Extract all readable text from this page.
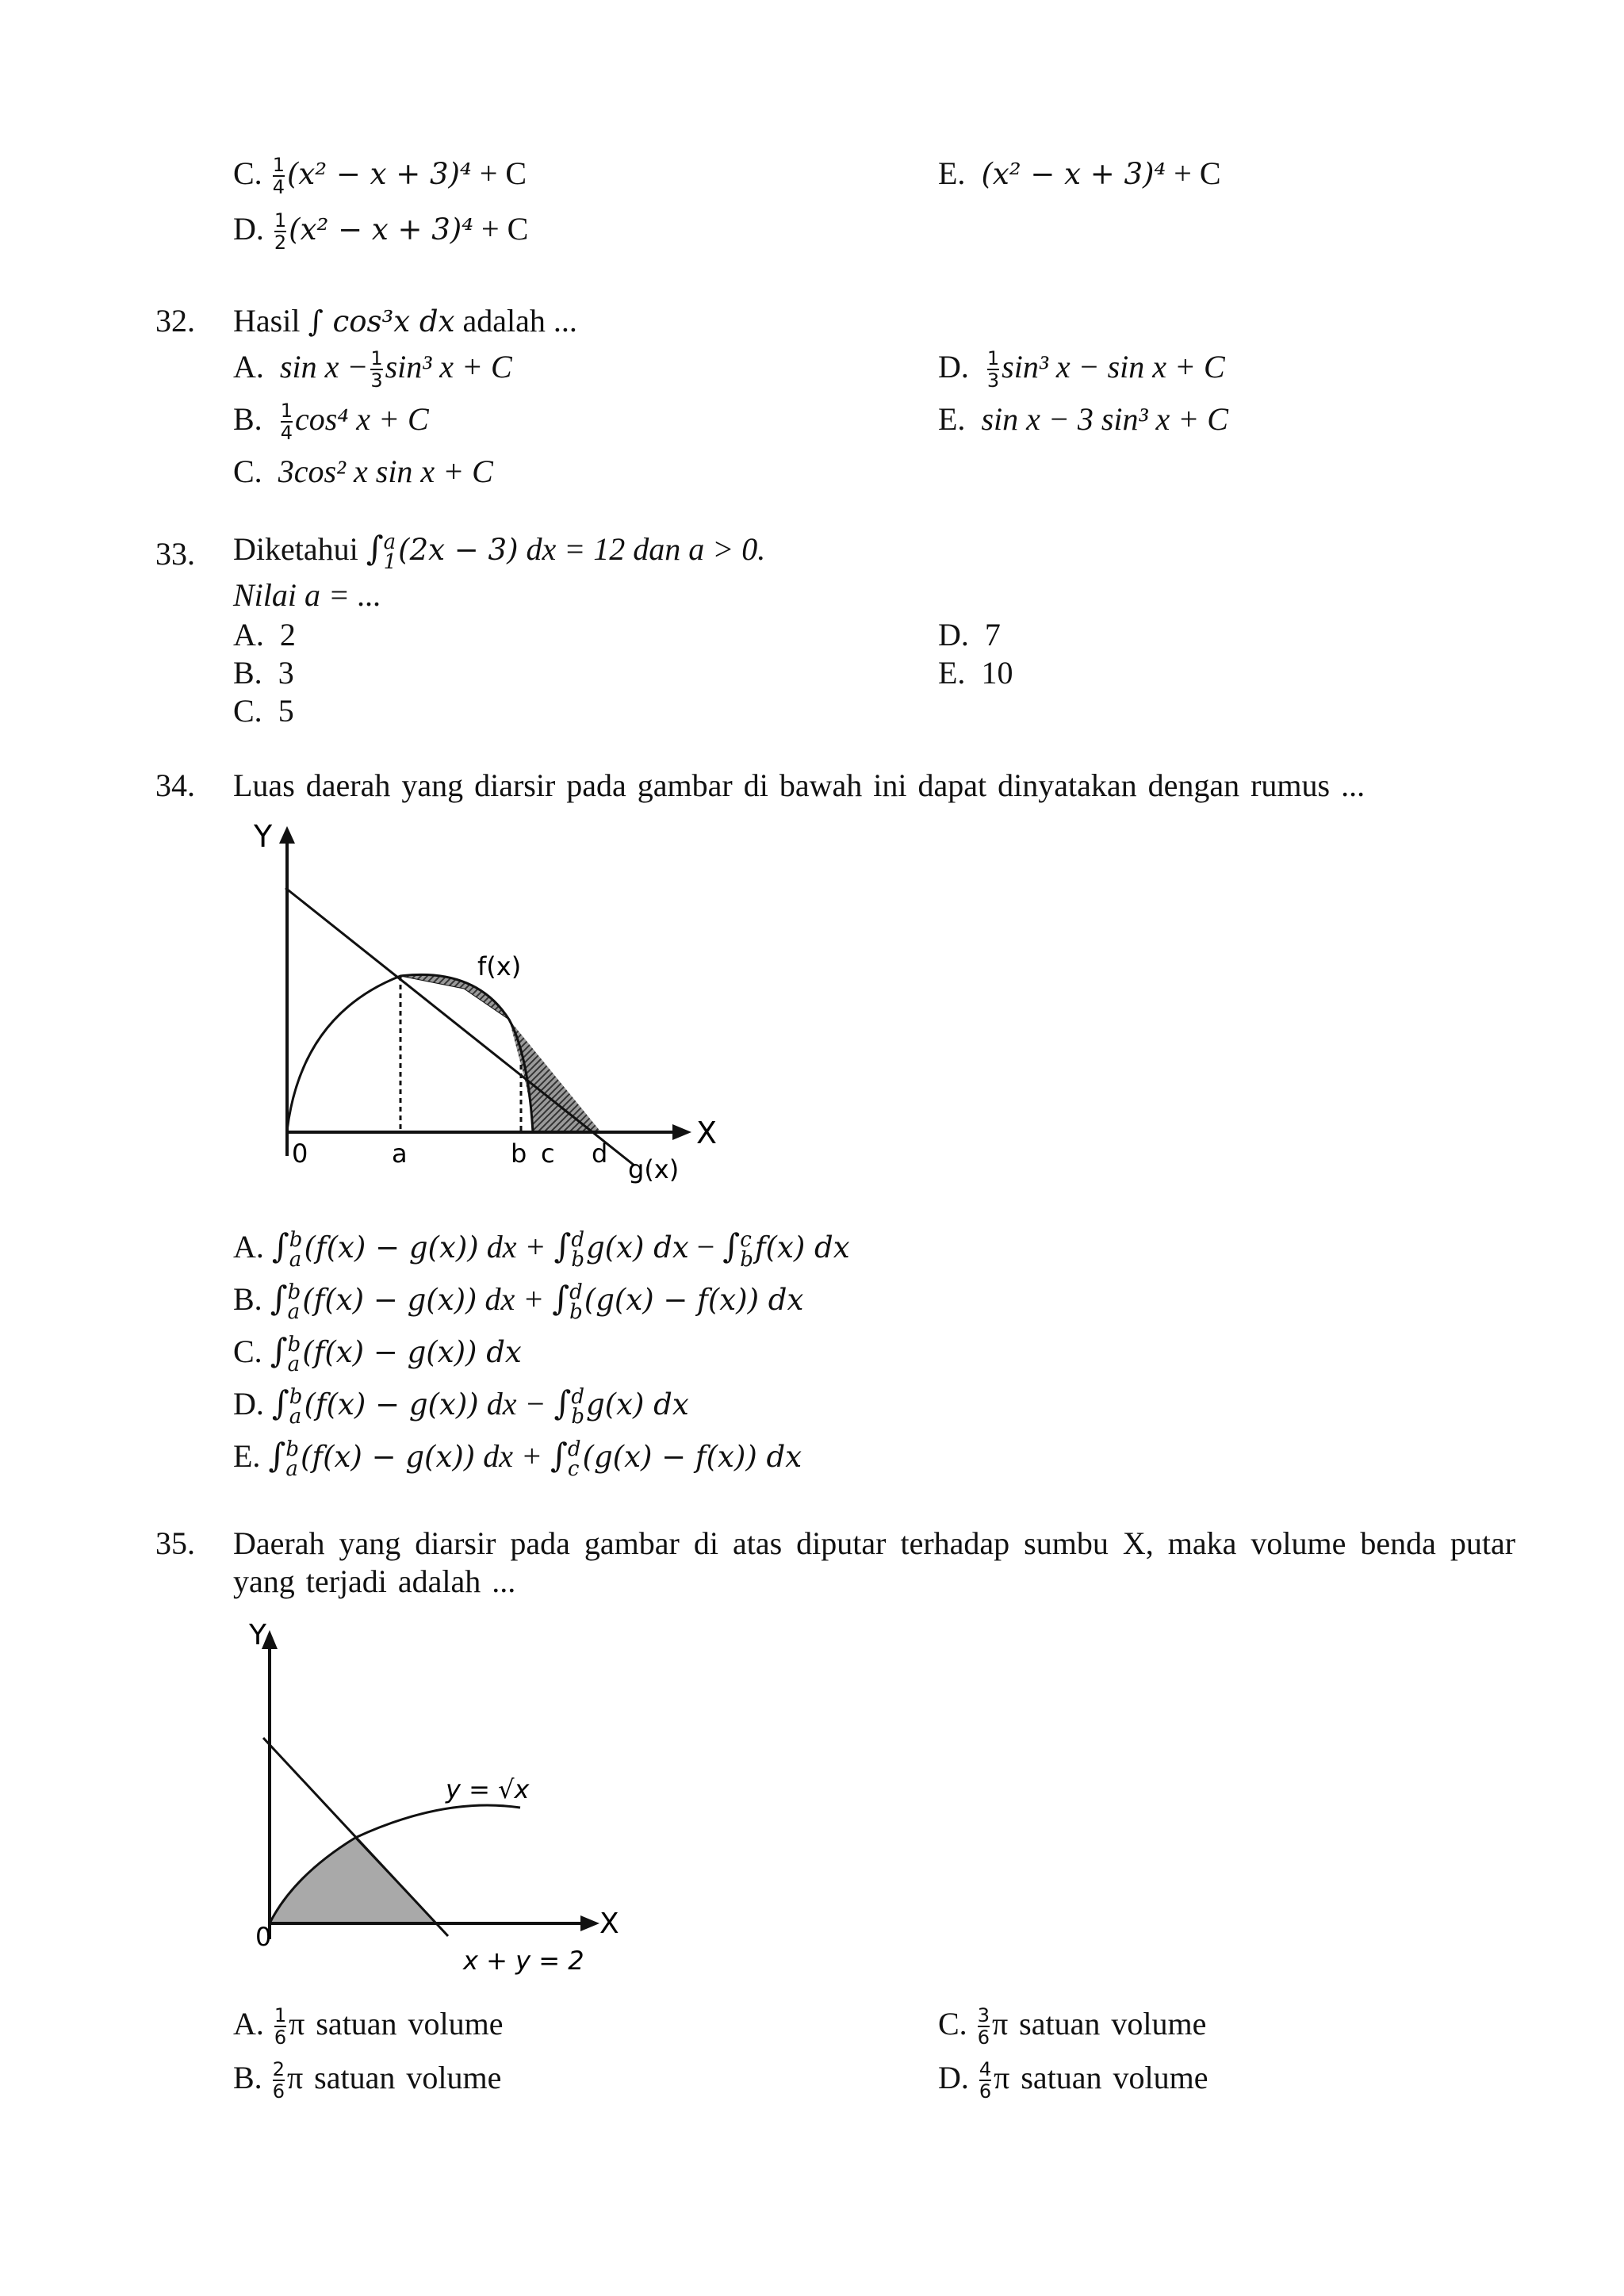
C. $\frac{1}{4} (x^2 - x + 3)^4 + C$
D. $\frac{1}{2} (x^2 - x + 3)^4 + C$
E. (x² − x + 3)⁴ + C
32. Hasil ∫ cos³x dx adalah ...
A. $\sin x - \frac{1}{3} \sin^3$ x + C
B. $\frac{1}{4} \cos^4$ x + C
C. 3cos² x sin x + C
D. $\frac{1}{3} \sin^3$ x − sin x + C
E. sin x − 3 sin³ x + C
33. Diketahui ∫ a
1 (2x − 3) dx = 12 dan a > 0.
Nilai a = ...
A. 2
B. 3
C. 5
D. 7
E. 10
34. Luas daerah yang diarsir pada gambar di bawah ini dapat dinyatakan dengan rumus ...
Y
X
f(x)
g(x)
0	a	b c d
A. ∫ b
a (f(x) − g(x)) dx + ∫ d
b g(x) dx − ∫ c
b f(x) dx
B. ∫ b
a (f(x) − g(x)) dx + ∫ d
b (g(x) − f(x)) dx
C. ∫ b
a (f(x) − g(x)) dx
D. ∫ b
a (f(x) − g(x)) dx − ∫ d
b g(x) dx
E. ∫ b
a (f(x) − g(x)) dx + ∫ d
c (g(x) − f(x)) dx
35. Daerah yang diarsir pada gambar di atas diputar terhadap sumbu X, maka volume benda putar
yang terjadi adalah ...
Y
X
0
y = √x
x + y = 2
A. $\frac{1}{6}$ π satuan volume
B. $\frac{2}{6}$ π satuan volume
C. $\frac{3}{6}$ π satuan volume
D. $\frac{4}{6}$ π satuan volume
